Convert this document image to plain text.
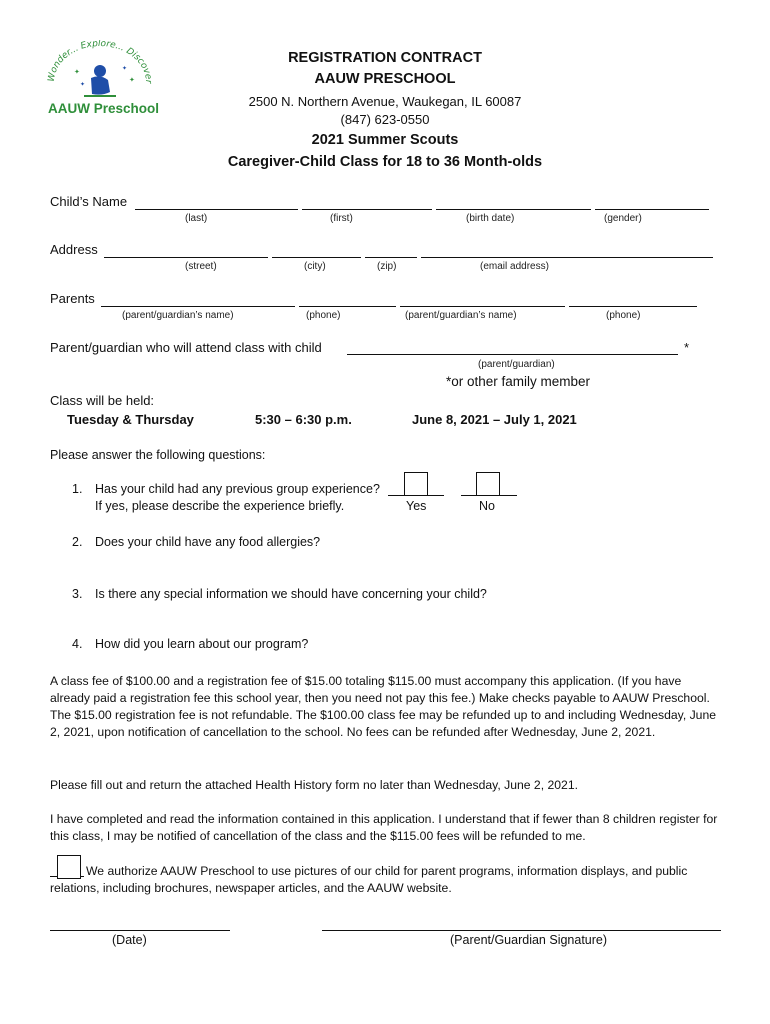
Wonder... Explore... Discover
✦	✦
✦
✦
AAUW Preschool
REGISTRATION CONTRACT
AAUW PRESCHOOL
2500 N. Northern Avenue, Waukegan, IL 60087
(847) 623-0550
2021 Summer Scouts
Caregiver-Child Class for 18 to 36 Month-olds
Child’s Name
(last)	(first)	(birth date)	(gender)
Address
(street)	(city)	(zip)	(email address)
Parents
(parent/guardian’s name)	(phone)	(parent/guardian’s name)	(phone)
Parent/guardian who will attend class with child	*
(parent/guardian)
*or other family member
Class will be held:
Tuesday & Thursday	5:30 – 6:30 p.m.	June 8, 2021 – July 1, 2021
Please answer the following questions:
1. Has your child had any previous group experience?
If yes, please describe the experience briefly.	Yes	No
2. Does your child have any food allergies?
3. Is there any special information we should have concerning your child?
4. How did you learn about our program?
A class fee of $100.00 and a registration fee of $15.00 totaling $115.00 must accompany this application. (If you have already paid a registration fee this school year, then you need not pay this fee.) Make checks payable to AAUW Preschool. The $15.00 registration fee is not refundable. The $100.00 class fee may be refunded up to and including Wednesday, June 2, 2021, upon notification of cancellation to the school. No fees can be refunded after Wednesday, June 2, 2021.
Please fill out and return the attached Health History form no later than Wednesday, June 2, 2021.
I have completed and read the information contained in this application. I understand that if fewer than 8 children register for this class, I may be notified of cancellation of the class and the $115.00 fees will be refunded to me.
We authorize AAUW Preschool to use pictures of our child for parent programs, information displays, and public relations, including brochures, newspaper articles, and the AAUW website.
(Date)	(Parent/Guardian Signature)
